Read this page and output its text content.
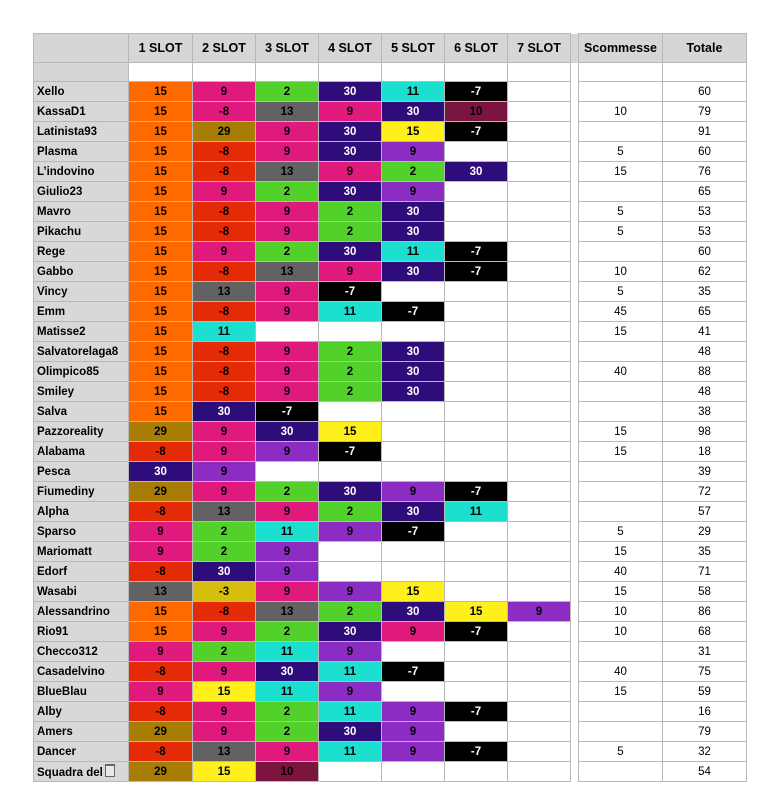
	1 SLOT	2 SLOT	3 SLOT	4 SLOT	5 SLOT	6 SLOT	7 SLOT		Scommesse	Totale

Xello	15	9	2	30	11	-7				60
KassaD1	15	-8	13	9	30	10			10	79
Latinista93	15	29	9	30	15	-7				91
Plasma	15	-8	9	30	9				5	60
L’indovino	15	-8	13	9	2	30			15	76
Giulio23	15	9	2	30	9					65
Mavro	15	-8	9	2	30				5	53
Pikachu	15	-8	9	2	30				5	53
Rege	15	9	2	30	11	-7				60
Gabbo	15	-8	13	9	30	-7			10	62
Vincy	15	13	9	-7					5	35
Emm	15	-8	9	11	-7				45	65
Matisse2	15	11							15	41
Salvatorelaga8	15	-8	9	2	30					48
Olimpico85	15	-8	9	2	30				40	88
Smiley	15	-8	9	2	30					48
Salva	15	30	-7							38
Pazzoreality	29	9	30	15					15	98
Alabama	-8	9	9	-7					15	18
Pesca	30	9								39
Fiumediny	29	9	2	30	9	-7				72
Alpha	-8	13	9	2	30	11				57
Sparso	9	2	11	9	-7				5	29
Mariomatt	9	2	9						15	35
Edorf	-8	30	9						40	71
Wasabi	13	-3	9	9	15				15	58
Alessandrino	15	-8	13	2	30	15	9		10	86
Rio91	15	9	2	30	9	-7			10	68
Checco312	9	2	11	9						31
Casadelvino	-8	9	30	11	-7				40	75
BlueBlau	9	15	11	9					15	59
Alby	-8	9	2	11	9	-7				16
Amers	29	9	2	30	9					79
Dancer	-8	13	9	11	9	-7			5	32
Squadra del	29	15	10							54
